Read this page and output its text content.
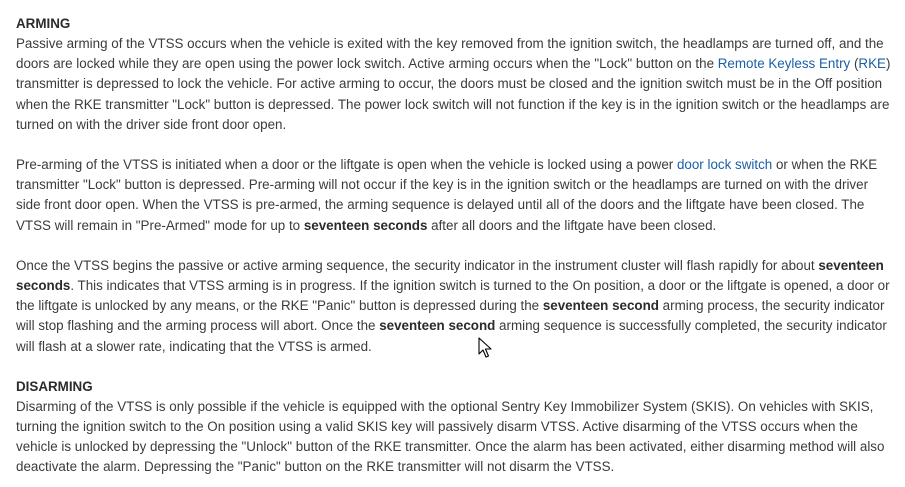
ARMING

Passive arming of the VTSS occurs when the vehicle is exited with the key removed from the ignition switch, the headlamps are turned off, and the doors are locked while they are open using the power lock switch. Active arming occurs when the "Lock" button on the Remote Keyless Entry (RKE) transmitter is depressed to lock the vehicle. For active arming to occur, the doors must be closed and the ignition switch must be in the Off position when the RKE transmitter "Lock" button is depressed. The power lock switch will not function if the key is in the ignition switch or the headlamps are turned on with the driver side front door open.

Pre-arming of the VTSS is initiated when a door or the liftgate is open when the vehicle is locked using a power door lock switch or when the RKE transmitter "Lock" button is depressed. Pre-arming will not occur if the key is in the ignition switch or the headlamps are turned on with the driver side front door open. When the VTSS is pre-armed, the arming sequence is delayed until all of the doors and the liftgate have been closed. The VTSS will remain in "Pre-Armed" mode for up to seventeen seconds after all doors and the liftgate have been closed.

Once the VTSS begins the passive or active arming sequence, the security indicator in the instrument cluster will flash rapidly for about seventeen seconds. This indicates that VTSS arming is in progress. If the ignition switch is turned to the On position, a door or the liftgate is opened, a door or the liftgate is unlocked by any means, or the RKE "Panic" button is depressed during the seventeen second arming process, the security indicator will stop flashing and the arming process will abort. Once the seventeen second arming sequence is successfully completed, the security indicator will flash at a slower rate, indicating that the VTSS is armed.

DISARMING

Disarming of the VTSS is only possible if the vehicle is equipped with the optional Sentry Key Immobilizer System (SKIS). On vehicles with SKIS, turning the ignition switch to the On position using a valid SKIS key will passively disarm VTSS. Active disarming of the VTSS occurs when the vehicle is unlocked by depressing the "Unlock" button of the RKE transmitter. Once the alarm has been activated, either disarming method will also deactivate the alarm. Depressing the "Panic" button on the RKE transmitter will not disarm the VTSS.
